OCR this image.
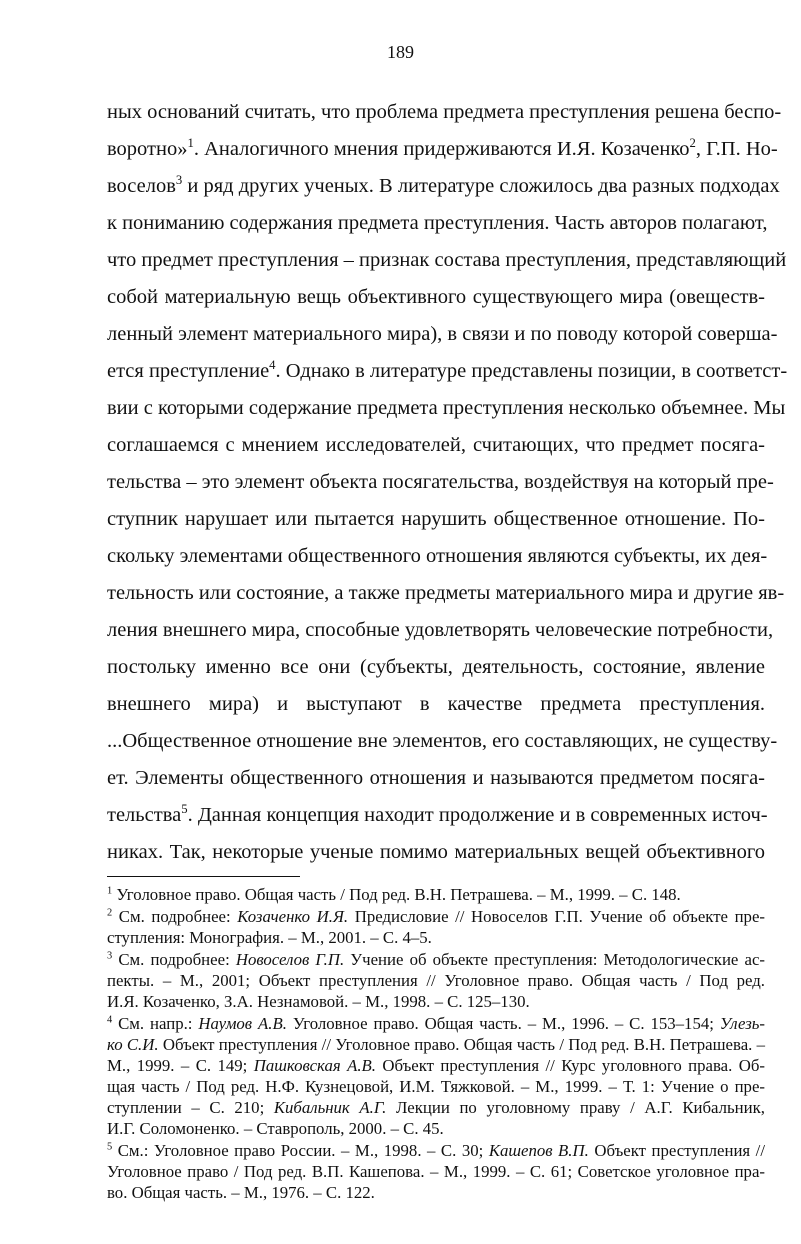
189
ных оснований считать, что проблема предмета преступления решена беспо-
воротно»$^1$. Аналогичного мнения придерживаются И.Я. Козаченко$^2$, Г.П. Но-
воселов$^3$ и ряд других ученых. В литературе сложилось два разных подходах
к пониманию содержания предмета преступления. Часть авторов полагают,
что предмет преступления – признак состава преступления, представляющий
собой материальную вещь объективного существующего мира (овеществ-
ленный элемент материального мира), в связи и по поводу которой соверша-
ется преступление$^4$. Однако в литературе представлены позиции, в соответст-
вии с которыми содержание предмета преступления несколько объемнее. Мы
соглашаемся с мнением исследователей, считающих, что предмет посяга-
тельства – это элемент объекта посягательства, воздействуя на который пре-
ступник нарушает или пытается нарушить общественное отношение. По-
скольку элементами общественного отношения являются субъекты, их дея-
тельность или состояние, а также предметы материального мира и другие яв-
ления внешнего мира, способные удовлетворять человеческие потребности,
постольку именно все они (субъекты, деятельность, состояние, явление
внешнего мира) и выступают в качестве предмета преступления.
...Общественное отношение вне элементов, его составляющих, не существу-
ет. Элементы общественного отношения и называются предметом посяга-
тельства$^5$. Данная концепция находит продолжение и в современных источ-
никах. Так, некоторые ученые помимо материальных вещей объективного
$^1$ Уголовное право. Общая часть / Под ред. В.Н. Петрашева. – М., 1999. – С. 148.
$^2$ См. подробнее: Козаченко И.Я. Предисловие // Новоселов Г.П. Учение об объекте пре-
ступления: Монография. – М., 2001. – С. 4–5.
$^3$ См. подробнее: Новоселов Г.П. Учение об объекте преступления: Методологические ас-
пекты. – М., 2001; Объект преступления // Уголовное право. Общая часть / Под ред.
И.Я. Козаченко, З.А. Незнамовой. – М., 1998. – С. 125–130.
$^4$ См. напр.: Наумов А.В. Уголовное право. Общая часть. – М., 1996. – С. 153–154; Улезь-
ко С.И. Объект преступления // Уголовное право. Общая часть / Под ред. В.Н. Петрашева. –
М., 1999. – С. 149; Пашковская А.В. Объект преступления // Курс уголовного права. Об-
щая часть / Под ред. Н.Ф. Кузнецовой, И.М. Тяжковой. – М., 1999. – Т. 1: Учение о пре-
ступлении – С. 210; Кибальник А.Г. Лекции по уголовному праву / А.Г. Кибальник,
И.Г. Соломоненко. – Ставрополь, 2000. – С. 45.
$^5$ См.: Уголовное право России. – М., 1998. – С. 30; Кашепов В.П. Объект преступления //
Уголовное право / Под ред. В.П. Кашепова. – М., 1999. – С. 61; Советское уголовное пра-
во. Общая часть. – М., 1976. – С. 122.
